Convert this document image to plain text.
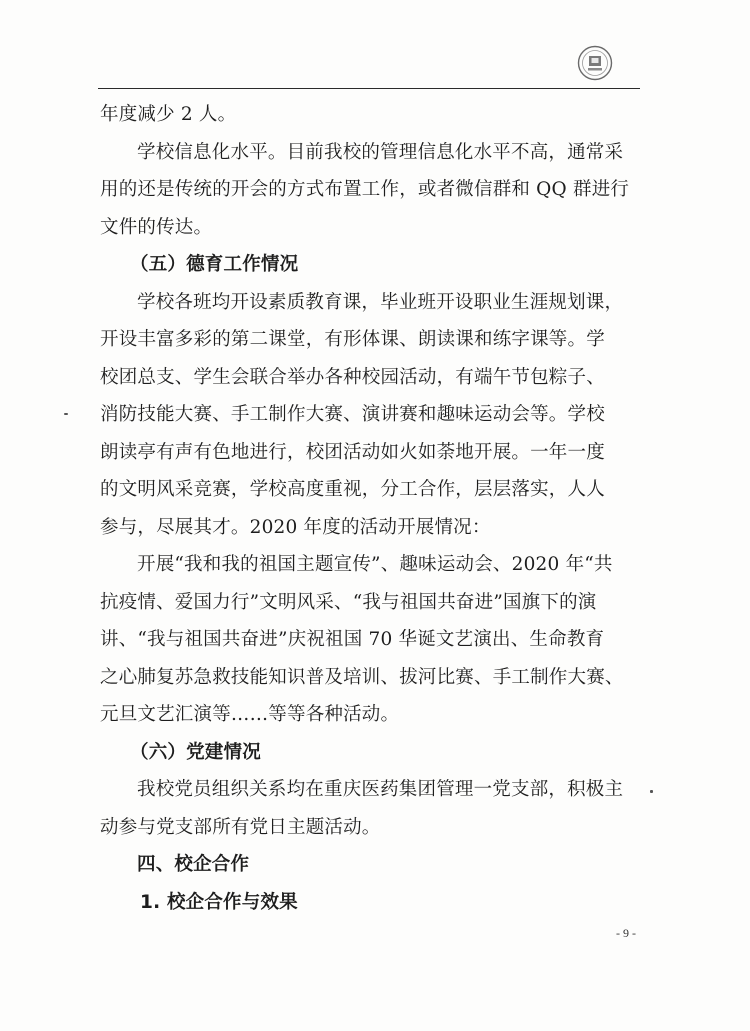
年度减少 2 人。
学校信息化水平。目前我校的管理信息化水平不高，通常采
用的还是传统的开会的方式布置工作，或者微信群和 QQ 群进行
文件的传达。
（五）德育工作情况
学校各班均开设素质教育课，毕业班开设职业生涯规划课，
开设丰富多彩的第二课堂，有形体课、朗读课和练字课等。学
校团总支、学生会联合举办各种校园活动，有端午节包粽子、
消防技能大赛、手工制作大赛、演讲赛和趣味运动会等。学校
朗读亭有声有色地进行，校团活动如火如荼地开展。一年一度
的文明风采竞赛，学校高度重视，分工合作，层层落实，人人
参与，尽展其才。2020 年度的活动开展情况：
开展“我和我的祖国主题宣传”、趣味运动会、2020 年“共
抗疫情、爱国力行”文明风采、“我与祖国共奋进”国旗下的演
讲、“我与祖国共奋进”庆祝祖国 70 华诞文艺演出、生命教育
之心肺复苏急救技能知识普及培训、拔河比赛、手工制作大赛、
元旦文艺汇演等……等等各种活动。
（六）党建情况
我校党员组织关系均在重庆医药集团管理一党支部，积极主
动参与党支部所有党日主题活动。
四、校企合作
1. 校企合作与效果
- 9 -
